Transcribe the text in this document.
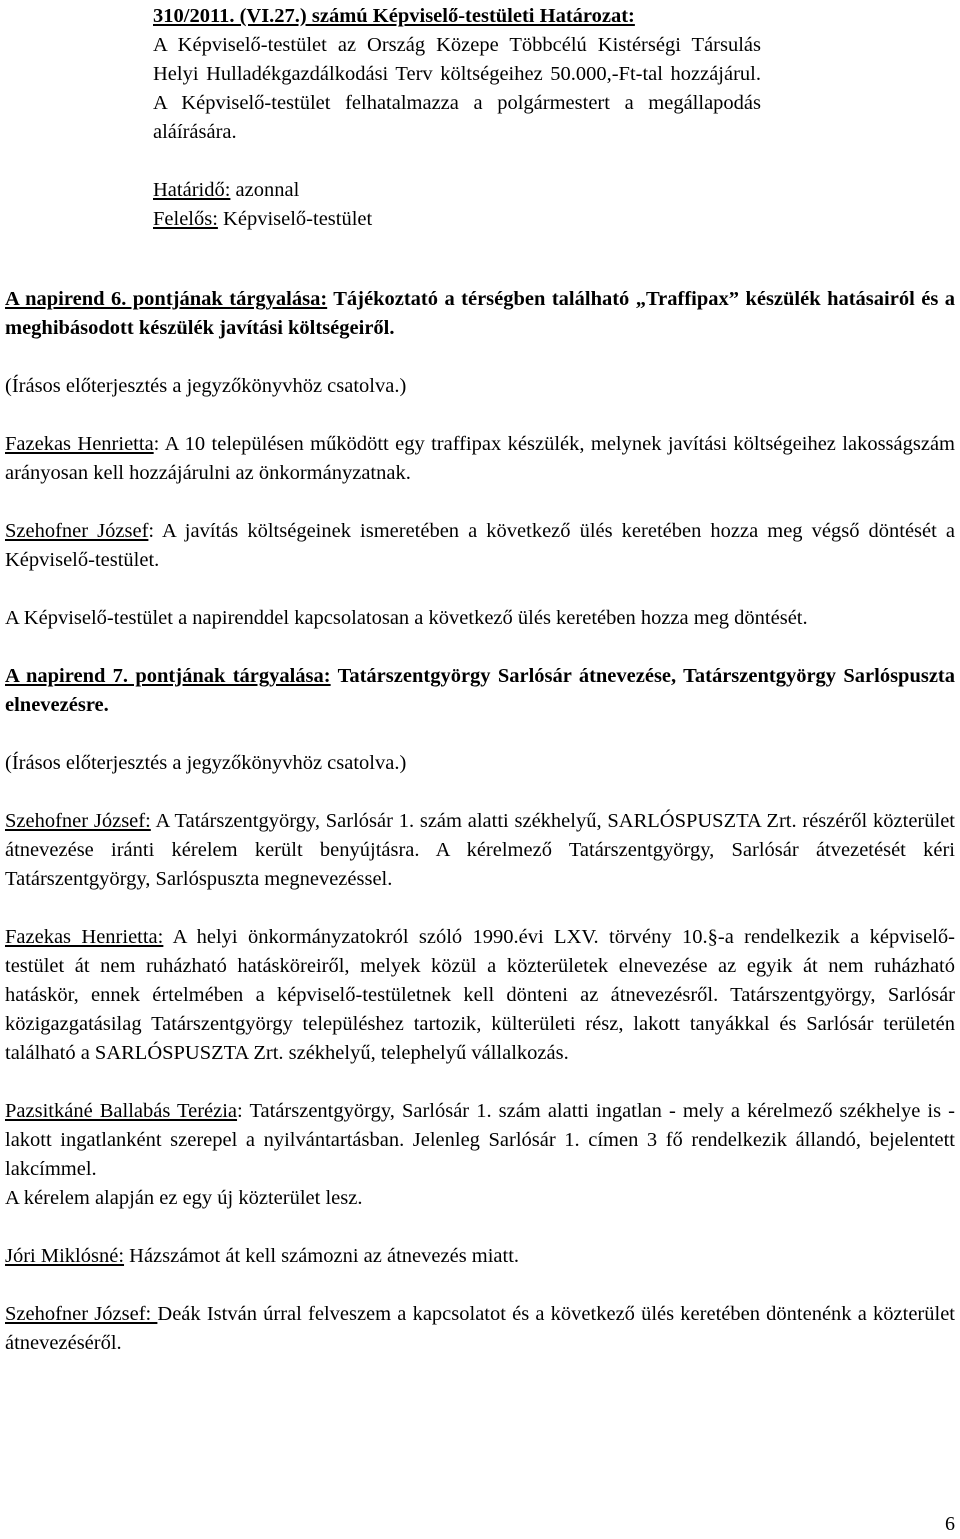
310/2011. (VI.27.) számú Képviselő-testületi Határozat:

A Képviselő-testület az Ország Közepe Többcélú Kistérségi Társulás Helyi Hulladékgazdálkodási Terv költségeihez 50.000,-Ft-tal hozzájárul. A Képviselő-testület felhatalmazza a polgármestert a megállapodás aláírására.

Határidő: azonnal

Felelős: Képviselő-testület

A napirend 6. pontjának tárgyalása: Tájékoztató a térségben található „Traffipax” készülék hatásairól és a meghibásodott készülék javítási költségeiről.

(Írásos előterjesztés a jegyzőkönyvhöz csatolva.)

Fazekas Henrietta: A 10 településen működött egy traffipax készülék, melynek javítási költségeihez lakosságszám arányosan kell hozzájárulni az önkormányzatnak.

Szehofner József: A javítás költségeinek ismeretében a következő ülés keretében hozza meg végső döntését a Képviselő-testület.

A Képviselő-testület a napirenddel kapcsolatosan a következő ülés keretében hozza meg döntését.

A napirend 7. pontjának tárgyalása: Tatárszentgyörgy Sarlósár átnevezése, Tatárszentgyörgy Sarlóspuszta elnevezésre.

(Írásos előterjesztés a jegyzőkönyvhöz csatolva.)

Szehofner József: A Tatárszentgyörgy, Sarlósár 1. szám alatti székhelyű, SARLÓSPUSZTA Zrt. részéről közterület átnevezése iránti kérelem került benyújtásra. A kérelmező Tatárszentgyörgy, Sarlósár átvezetését kéri Tatárszentgyörgy, Sarlóspuszta megnevezéssel.

Fazekas Henrietta: A helyi önkormányzatokról szóló 1990.évi LXV. törvény 10.§-a rendelkezik a képviselő- testület át nem ruházható hatásköreiről, melyek közül a közterületek elnevezése az egyik át nem ruházható hatáskör, ennek értelmében a képviselő-testületnek kell dönteni az átnevezésről. Tatárszentgyörgy, Sarlósár közigazgatásilag Tatárszentgyörgy településhez tartozik, külterületi rész, lakott tanyákkal és Sarlósár területén található a SARLÓSPUSZTA Zrt. székhelyű, telephelyű vállalkozás.

Pazsitkáné Ballabás Terézia: Tatárszentgyörgy, Sarlósár 1. szám alatti ingatlan - mely a kérelmező székhelye is - lakott ingatlanként szerepel a nyilvántartásban. Jelenleg Sarlósár 1. címen 3 fő rendelkezik állandó, bejelentett lakcímmel.

A kérelem alapján ez egy új közterület lesz.

Jóri Miklósné: Házszámot át kell számozni az átnevezés miatt.

Szehofner József: Deák István úrral felveszem a kapcsolatot és a következő ülés keretében döntenénk a közterület átnevezéséről.

6
